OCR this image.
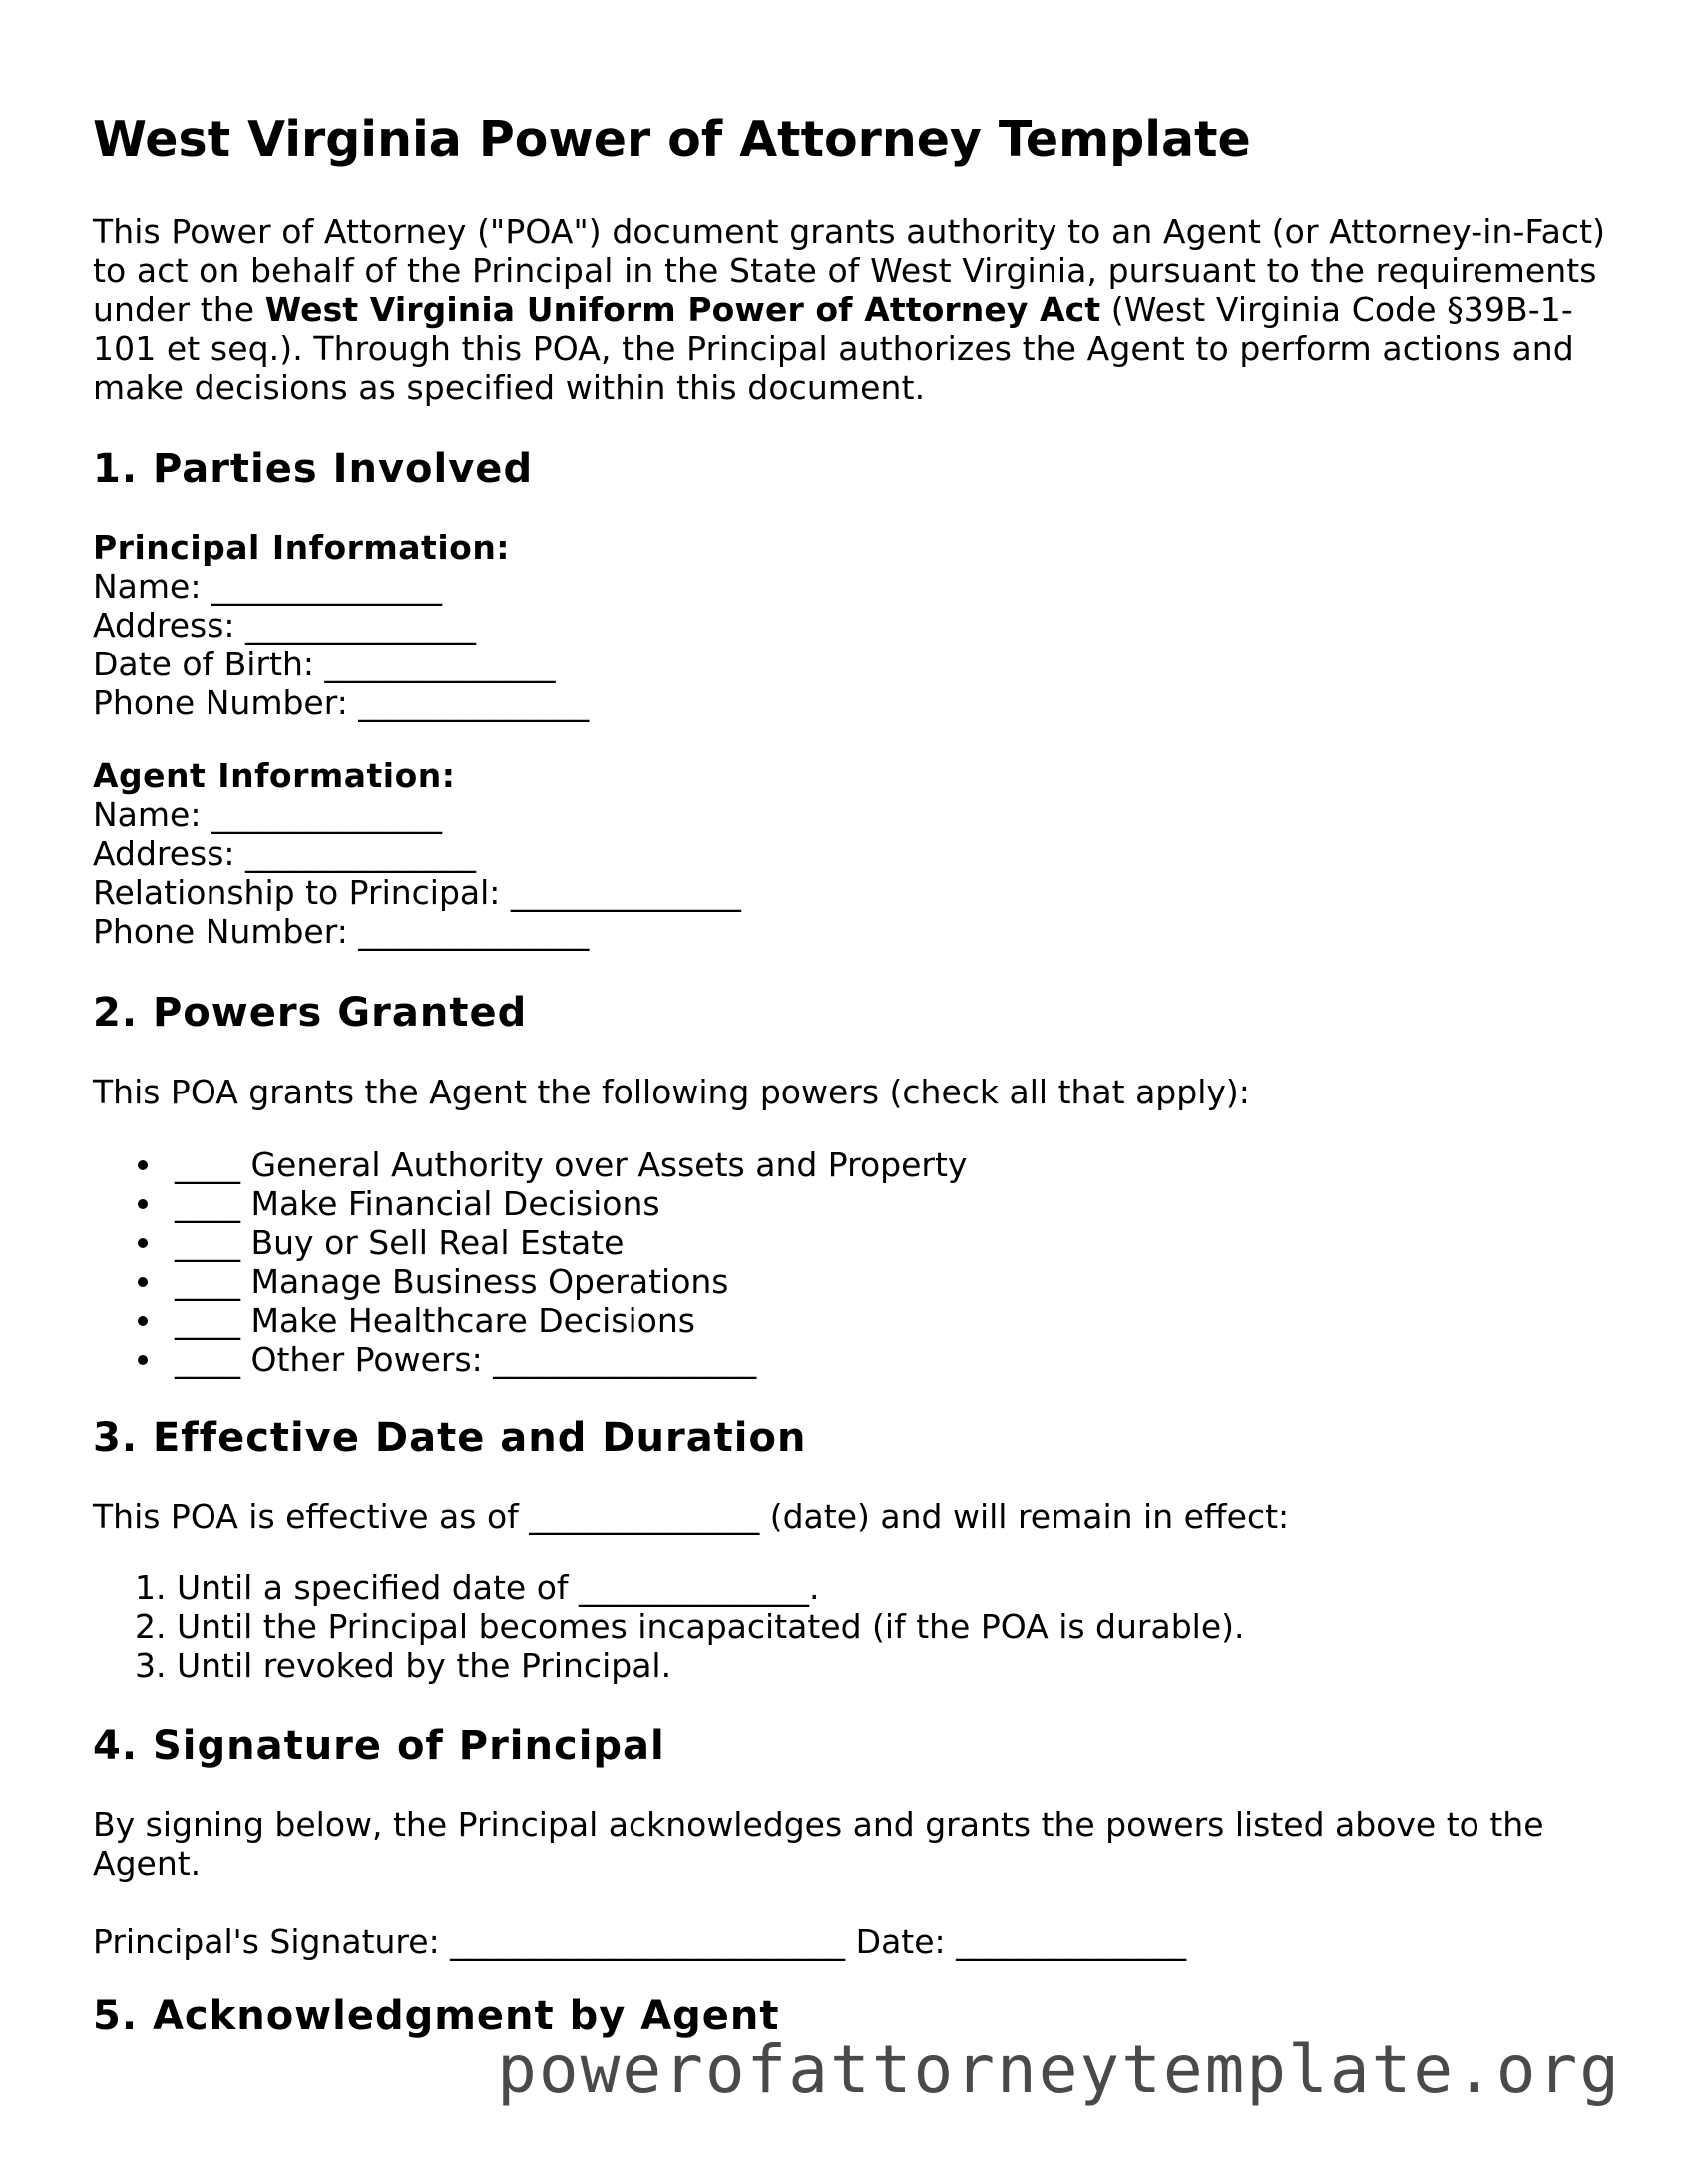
West Virginia Power of Attorney Template

This Power of Attorney ("POA") document grants authority to an Agent (or Attorney-in-Fact) to act on behalf of the Principal in the State of West Virginia, pursuant to the requirements under the West Virginia Uniform Power of Attorney Act (West Virginia Code §39B-1-101 et seq.). Through this POA, the Principal authorizes the Agent to perform actions and make decisions as specified within this document.

1. Parties Involved
Principal Information:
Name: ______________
Address: ______________
Date of Birth: ______________
Phone Number: ______________
Agent Information:
Name: ______________
Address: ______________
Relationship to Principal: ______________
Phone Number: ______________
2. Powers Granted

This POA grants the Agent the following powers (check all that apply):

____ General Authority over Assets and Property
____ Make Financial Decisions
____ Buy or Sell Real Estate
____ Manage Business Operations
____ Make Healthcare Decisions
____ Other Powers: ________________
3. Effective Date and Duration

This POA is effective as of ______________ (date) and will remain in effect:

1. Until a specified date of ______________.
2. Until the Principal becomes incapacitated (if the POA is durable).
3. Until revoked by the Principal.
4. Signature of Principal

By signing below, the Principal acknowledges and grants the powers listed above to the Agent.

Principal's Signature: ________________________ Date: ______________

5. Acknowledgment by Agent
powerofattorneytemplate.org
